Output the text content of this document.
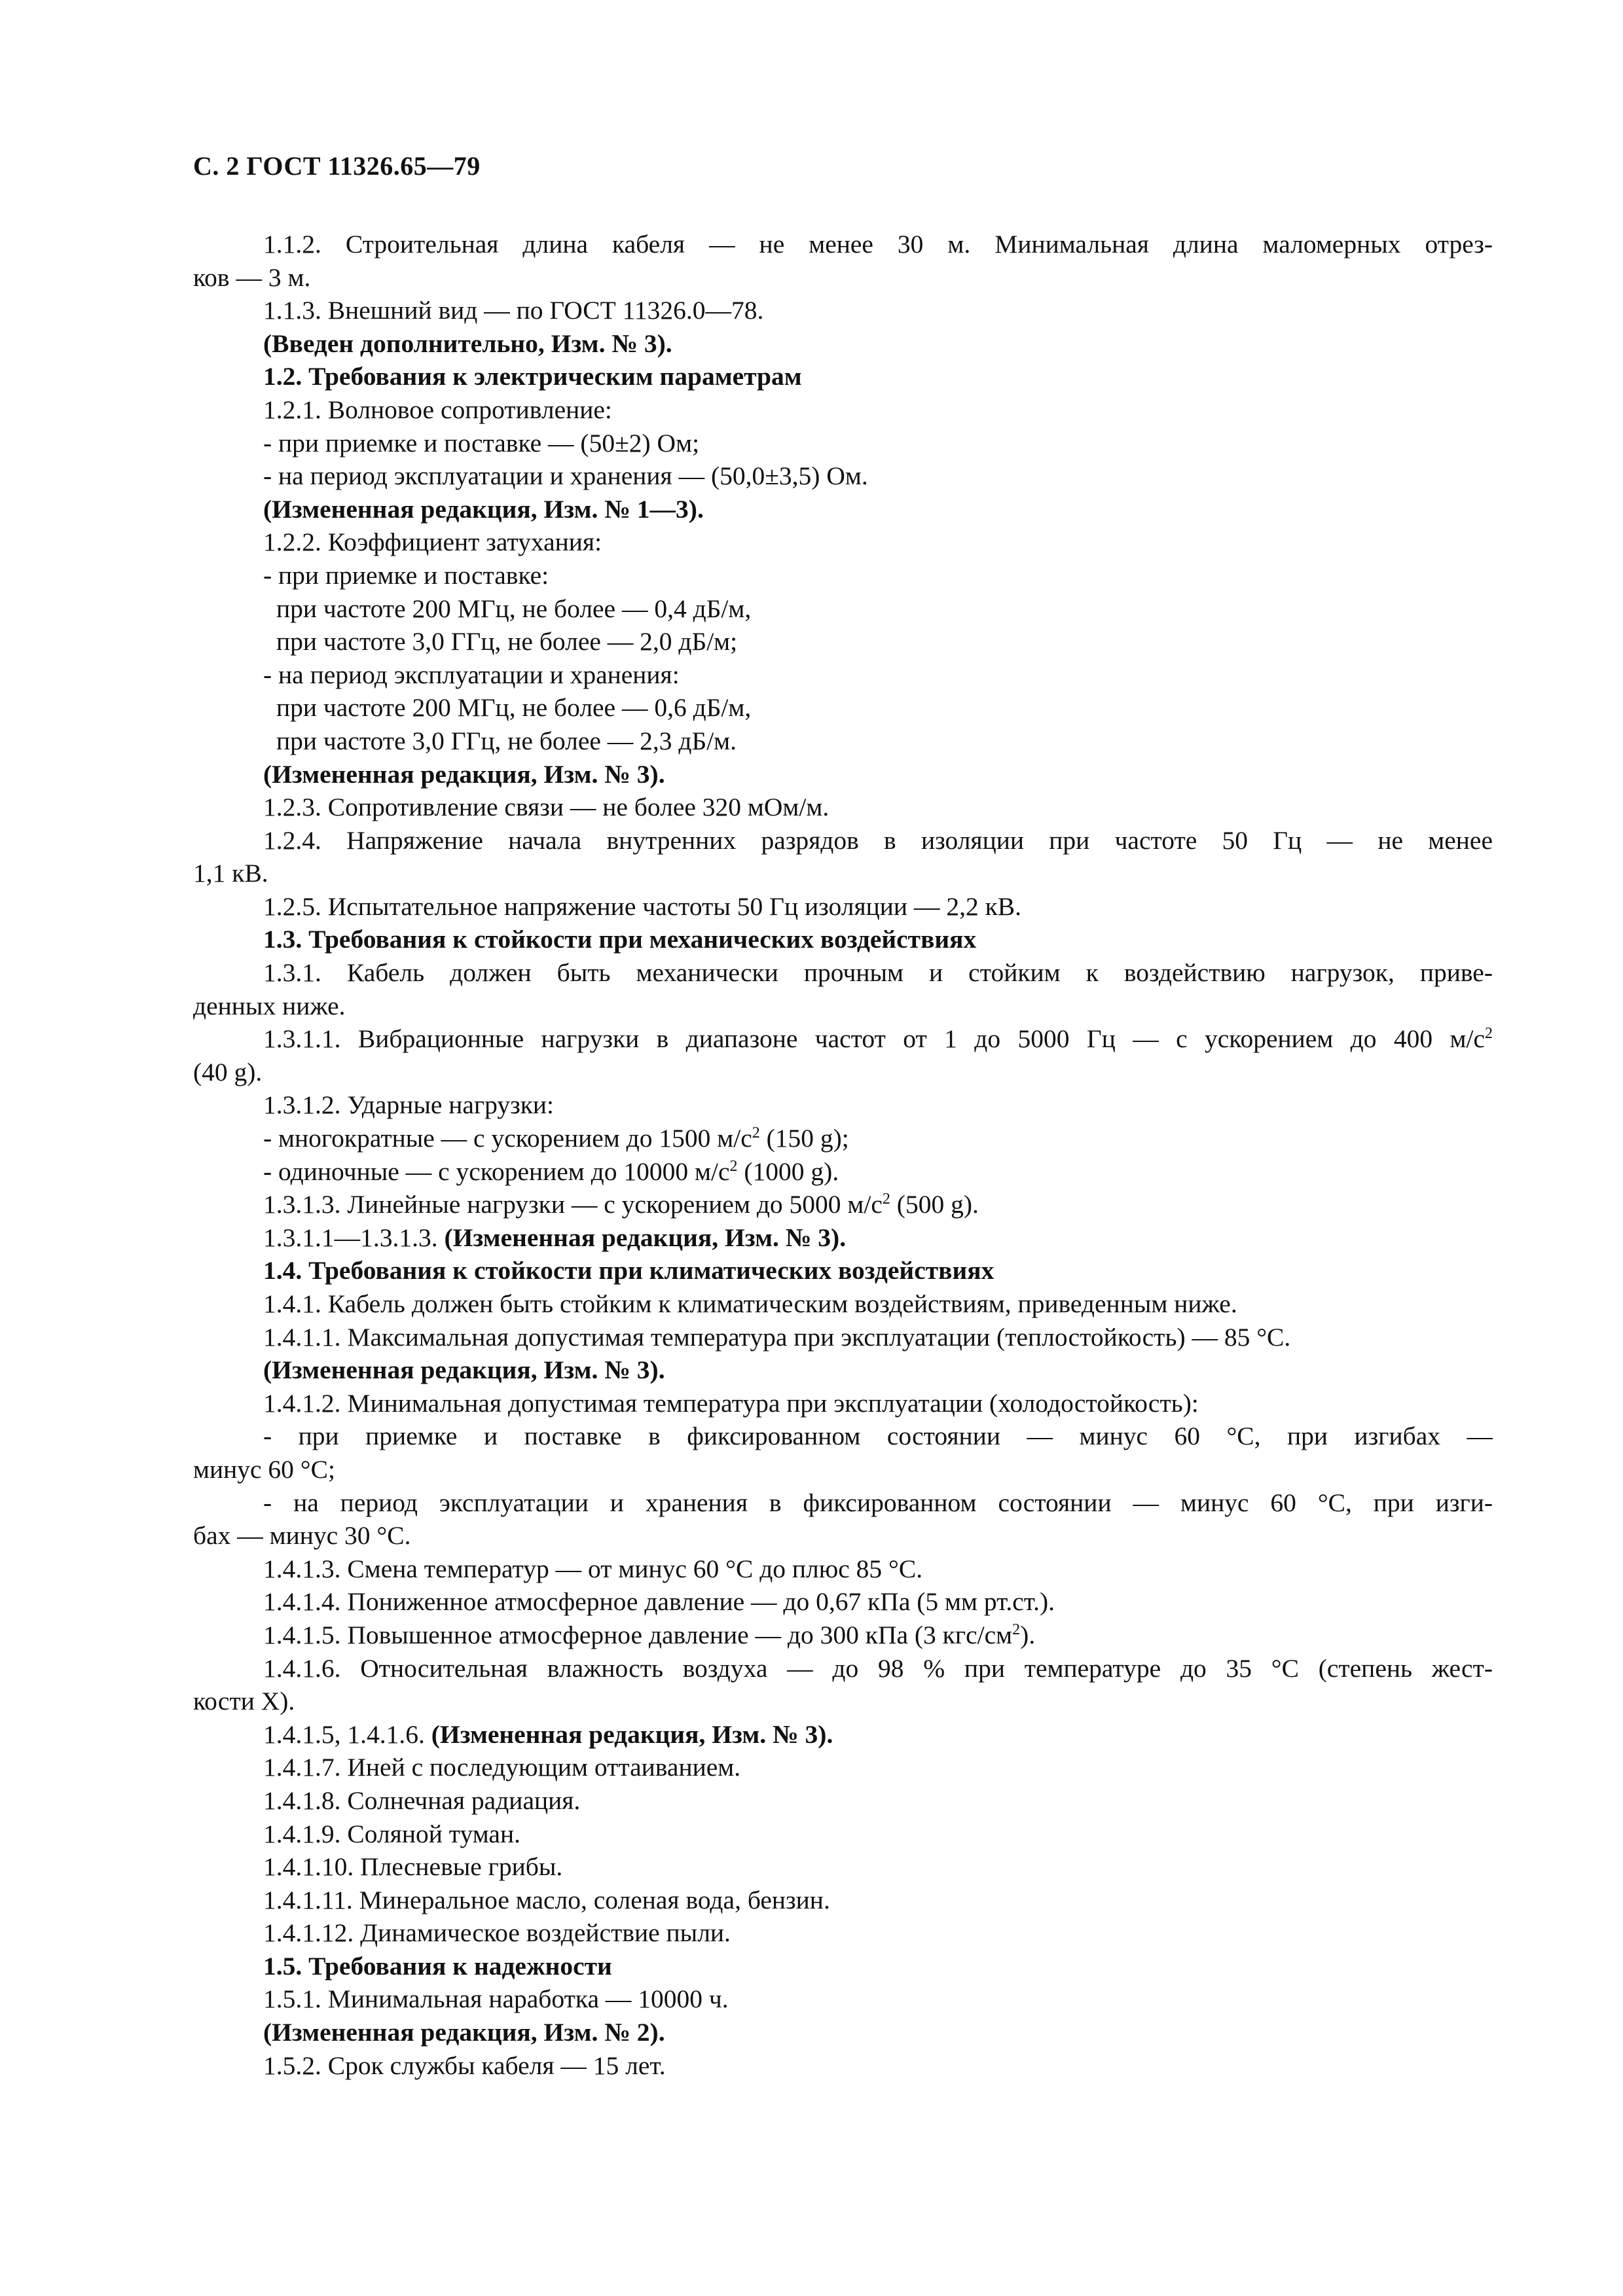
С. 2 ГОСТ 11326.65—79
1.1.2. Строительная длина кабеля — не менее 30 м. Минимальная длина маломерных отрез-
ков — 3 м.
1.1.3. Внешний вид — по ГОСТ 11326.0—78.
(Введен дополнительно, Изм. № 3).
1.2. Требования к электрическим параметрам
1.2.1. Волновое сопротивление:
- при приемке и поставке — (50±2) Ом;
- на период эксплуатации и хранения — (50,0±3,5) Ом.
(Измененная редакция, Изм. № 1—3).
1.2.2. Коэффициент затухания:
- при приемке и поставке:
при частоте 200 МГц, не более — 0,4 дБ/м,
при частоте 3,0 ГГц, не более — 2,0 дБ/м;
- на период эксплуатации и хранения:
при частоте 200 МГц, не более — 0,6 дБ/м,
при частоте 3,0 ГГц, не более — 2,3 дБ/м.
(Измененная редакция, Изм. № 3).
1.2.3. Сопротивление связи — не более 320 мОм/м.
1.2.4. Напряжение начала внутренних разрядов в изоляции при частоте 50 Гц — не менее
1,1 кВ.
1.2.5. Испытательное напряжение частоты 50 Гц изоляции — 2,2 кВ.
1.3. Требования к стойкости при механических воздействиях
1.3.1. Кабель должен быть механически прочным и стойким к воздействию нагрузок, приве-
денных ниже.
1.3.1.1. Вибрационные нагрузки в диапазоне частот от 1 до 5000 Гц — с ускорением до 400 $м/с^2$
(40 g).
1.3.1.2. Ударные нагрузки:
- многократные — с ускорением до 1500 $м/с^2$ (150 g);
- одиночные — с ускорением до 10000 $м/с^2$ (1000 g).
1.3.1.3. Линейные нагрузки — с ускорением до 5000 $м/с^2$ (500 g).
1.3.1.1—1.3.1.3. (Измененная редакция, Изм. № 3).
1.4. Требования к стойкости при климатических воздействиях
1.4.1. Кабель должен быть стойким к климатическим воздействиям, приведенным ниже.
1.4.1.1. Максимальная допустимая температура при эксплуатации (теплостойкость) — 85 °С.
(Измененная редакция, Изм. № 3).
1.4.1.2. Минимальная допустимая температура при эксплуатации (холодостойкость):
- при приемке и поставке в фиксированном состоянии — минус 60 °С, при изгибах —
минус 60 °С;
- на период эксплуатации и хранения в фиксированном состоянии — минус 60 °С, при изги-
бах — минус 30 °С.
1.4.1.3. Смена температур — от минус 60 °С до плюс 85 °С.
1.4.1.4. Пониженное атмосферное давление — до 0,67 кПа (5 мм рт.ст.).
1.4.1.5. Повышенное атмосферное давление — до 300 кПа (3 кгс/$см^2$).
1.4.1.6. Относительная влажность воздуха — до 98 % при температуре до 35 °С (степень жест-
кости Х).
1.4.1.5, 1.4.1.6. (Измененная редакция, Изм. № 3).
1.4.1.7. Иней с последующим оттаиванием.
1.4.1.8. Солнечная радиация.
1.4.1.9. Соляной туман.
1.4.1.10. Плесневые грибы.
1.4.1.11. Минеральное масло, соленая вода, бензин.
1.4.1.12. Динамическое воздействие пыли.
1.5. Требования к надежности
1.5.1. Минимальная наработка — 10000 ч.
(Измененная редакция, Изм. № 2).
1.5.2. Срок службы кабеля — 15 лет.
